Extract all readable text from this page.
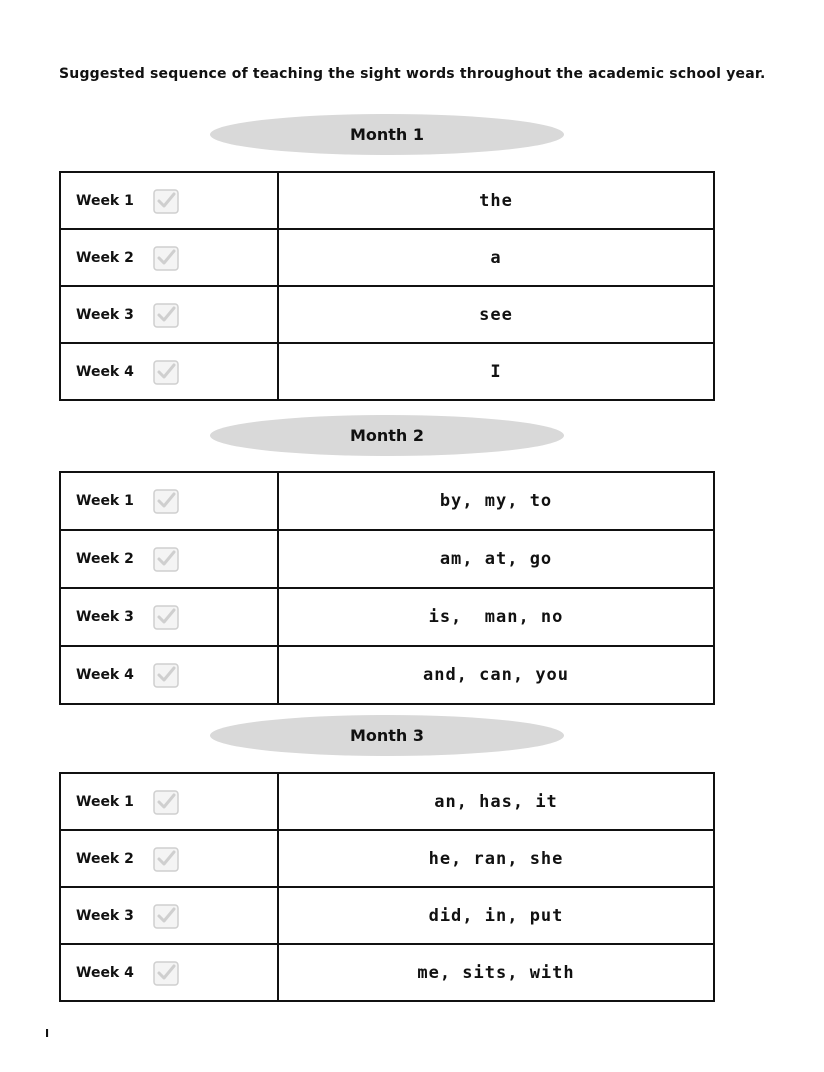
Suggested sequence of teaching the sight words throughout the academic school year.
Month 1
Week 1	the

Week 2	a

Week 3	see

Week 4	I
Month 2
Week 1	by, my, to

Week 2	am, at, go

Week 3	is,  man, no

Week 4	and, can, you
Month 3
Week 1	an, has, it

Week 2	he, ran, she

Week 3	did, in, put

Week 4	me, sits, with
I
